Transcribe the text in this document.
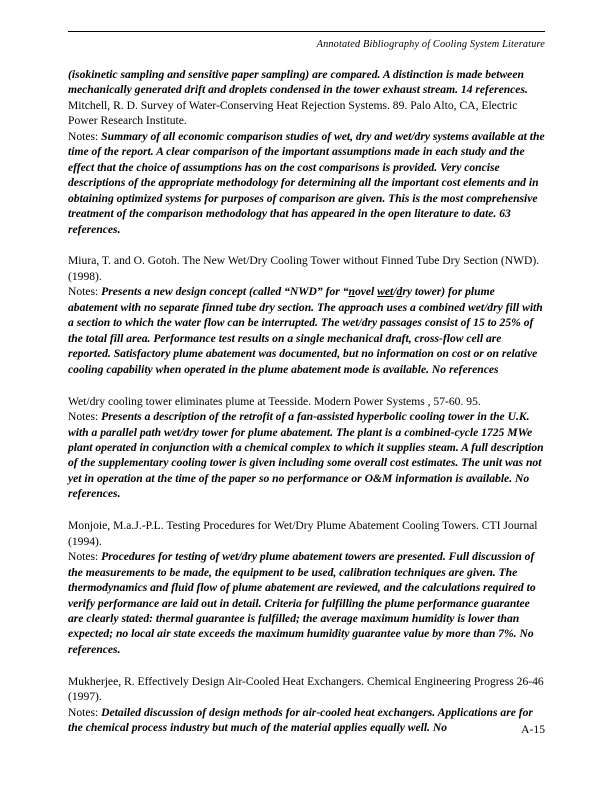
Annotated Bibliography of Cooling System Literature

(isokinetic sampling and sensitive paper sampling) are compared. A distinction is made between mechanically generated drift and droplets condensed in the tower exhaust stream. 14 references.

Mitchell, R. D. Survey of Water-Conserving Heat Rejection Systems. 89. Palo Alto, CA, Electric Power Research Institute.
Notes: Summary of all economic comparison studies of wet, dry and wet/dry systems available at the time of the report. A clear comparison of the important assumptions made in each study and the effect that the choice of assumptions has on the cost comparisons is provided. Very concise descriptions of the appropriate methodology for determining all the important cost elements and in obtaining optimized systems for purposes of comparison are given. This is the most comprehensive treatment of the comparison methodology that has appeared in the open literature to date. 63 references.

Miura, T. and O. Gotoh. The New Wet/Dry Cooling Tower without Finned Tube Dry Section (NWD). (1998).
Notes: Presents a new design concept (called “NWD” for “novel wet/dry tower) for plume abatement with no separate finned tube dry section. The approach uses a combined wet/dry fill with a section to which the water flow can be interrupted. The wet/dry passages consist of 15 to 25% of the total fill area. Performance test results on a single mechanical draft, cross-flow cell are reported. Satisfactory plume abatement was documented, but no information on cost or on relative cooling capability when operated in the plume abatement mode is available. No references

Wet/dry cooling tower eliminates plume at Teesside. Modern Power Systems , 57-60. 95.
Notes: Presents a description of the retrofit of a fan-assisted hyperbolic cooling tower in the U.K. with a parallel path wet/dry tower for plume abatement. The plant is a combined-cycle 1725 MWe plant operated in conjunction with a chemical complex to which it supplies steam. A full description of the supplementary cooling tower is given including some overall cost estimates. The unit was not yet in operation at the time of the paper so no performance or O&M information is available. No references.

Monjoie, M.a.J.-P.L. Testing Procedures for Wet/Dry Plume Abatement Cooling Towers. CTI Journal (1994).
Notes: Procedures for testing of wet/dry plume abatement towers are presented. Full discussion of the measurements to be made, the equipment to be used, calibration techniques are given. The thermodynamics and fluid flow of plume abatement are reviewed, and the calculations required to verify performance are laid out in detail. Criteria for fulfilling the plume performance guarantee are clearly stated: thermal guarantee is fulfilled; the average maximum humidity is lower than expected; no local air state exceeds the maximum humidity guarantee value by more than 7%. No references.

Mukherjee, R. Effectively Design Air-Cooled Heat Exchangers. Chemical Engineering Progress 26-46 (1997).
Notes: Detailed discussion of design methods for air-cooled heat exchangers. Applications are for the chemical process industry but much of the material applies equally well. No	A-15
